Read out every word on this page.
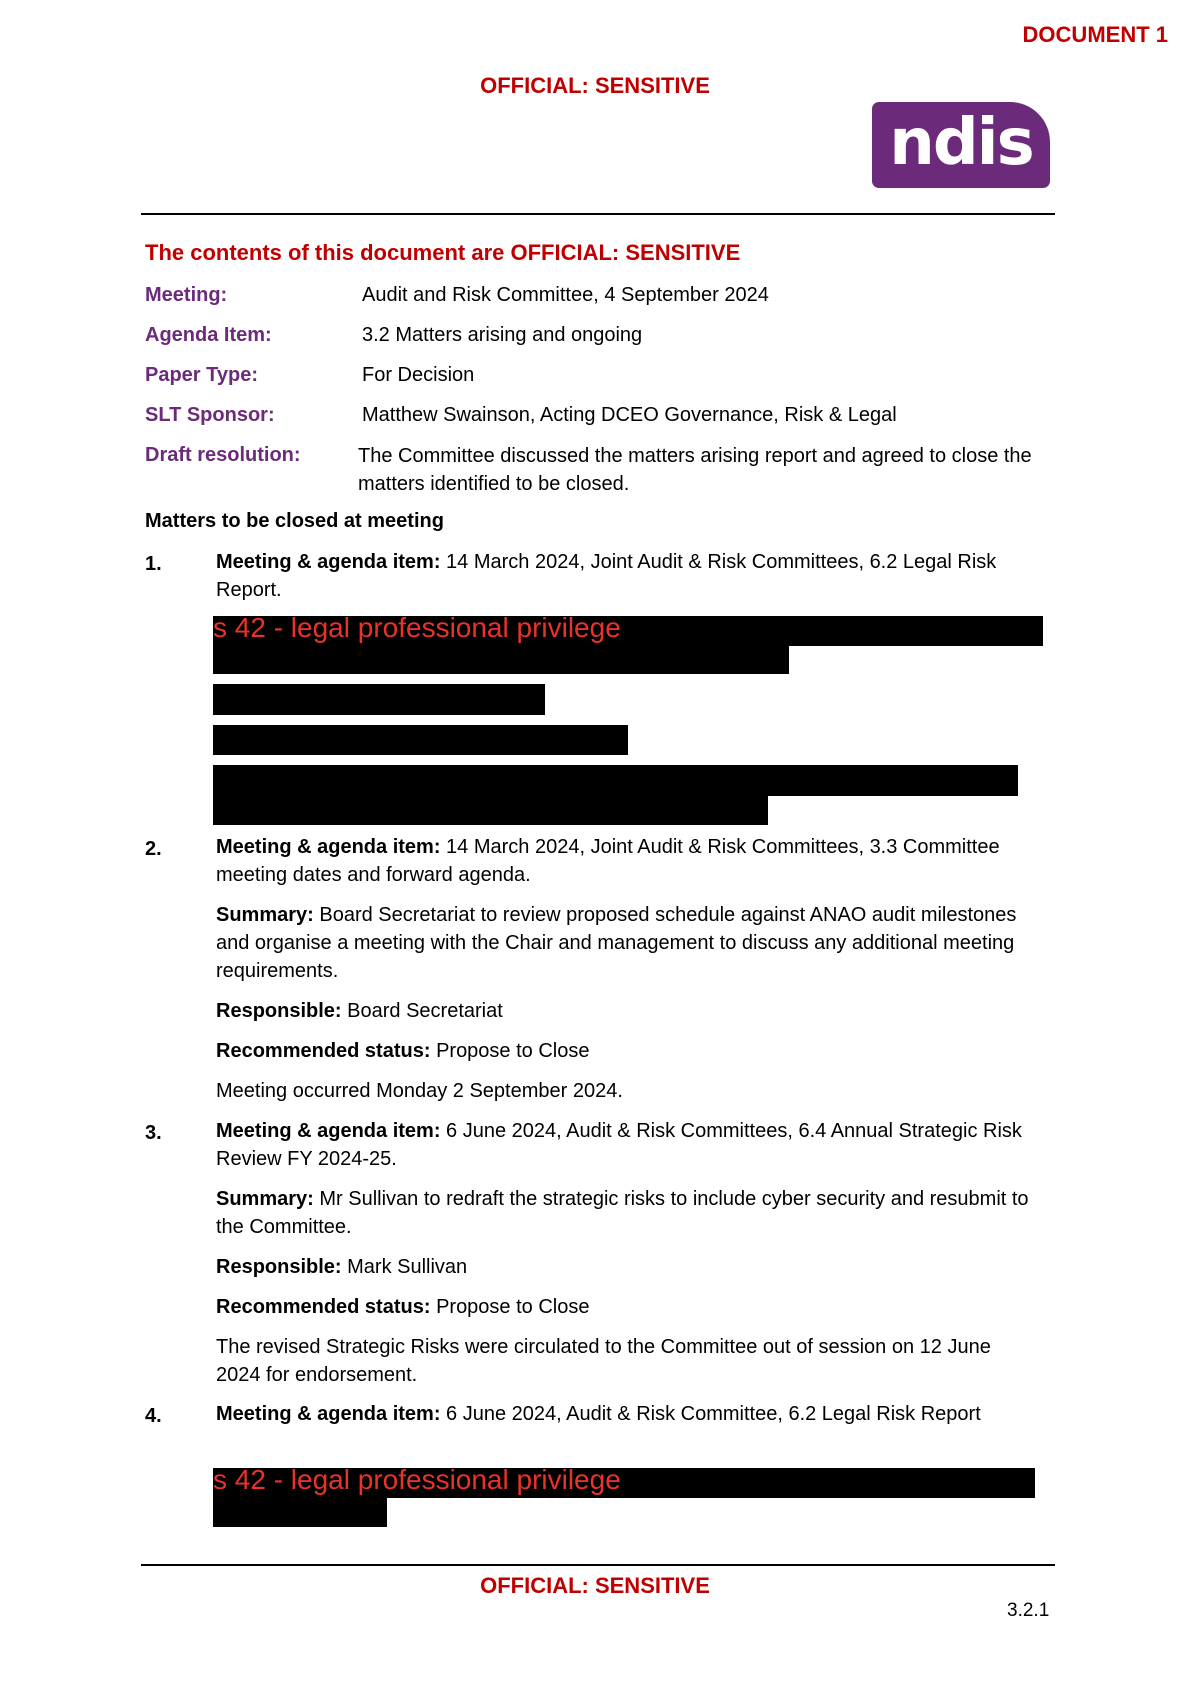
DOCUMENT 1
OFFICIAL: SENSITIVE
ndis
The contents of this document are OFFICIAL: SENSITIVE
Meeting:	Audit and Risk Committee, 4 September 2024
Agenda Item:	3.2 Matters arising and ongoing
Paper Type:	For Decision
SLT Sponsor:	Matthew Swainson, Acting DCEO Governance, Risk & Legal
Draft resolution:	The Committee discussed the matters arising report and agreed to close the matters identified to be closed.
Matters to be closed at meeting
1.	Meeting & agenda item: 14 March 2024, Joint Audit & Risk Committees, 6.2 Legal Risk Report.
s 42 - legal professional privilege
2.	Meeting & agenda item: 14 March 2024, Joint Audit & Risk Committees, 3.3 Committee meeting dates and forward agenda.
Summary: Board Secretariat to review proposed schedule against ANAO audit milestones and organise a meeting with the Chair and management to discuss any additional meeting requirements.
Responsible: Board Secretariat
Recommended status: Propose to Close
Meeting occurred Monday 2 September 2024.
3.	Meeting & agenda item: 6 June 2024, Audit & Risk Committees, 6.4 Annual Strategic Risk Review FY 2024-25.
Summary: Mr Sullivan to redraft the strategic risks to include cyber security and resubmit to the Committee.
Responsible: Mark Sullivan
Recommended status: Propose to Close
The revised Strategic Risks were circulated to the Committee out of session on 12 June 2024 for endorsement.
4.	Meeting & agenda item: 6 June 2024, Audit & Risk Committee, 6.2 Legal Risk Report
s 42 - legal professional privilege
OFFICIAL: SENSITIVE
3.2.1
